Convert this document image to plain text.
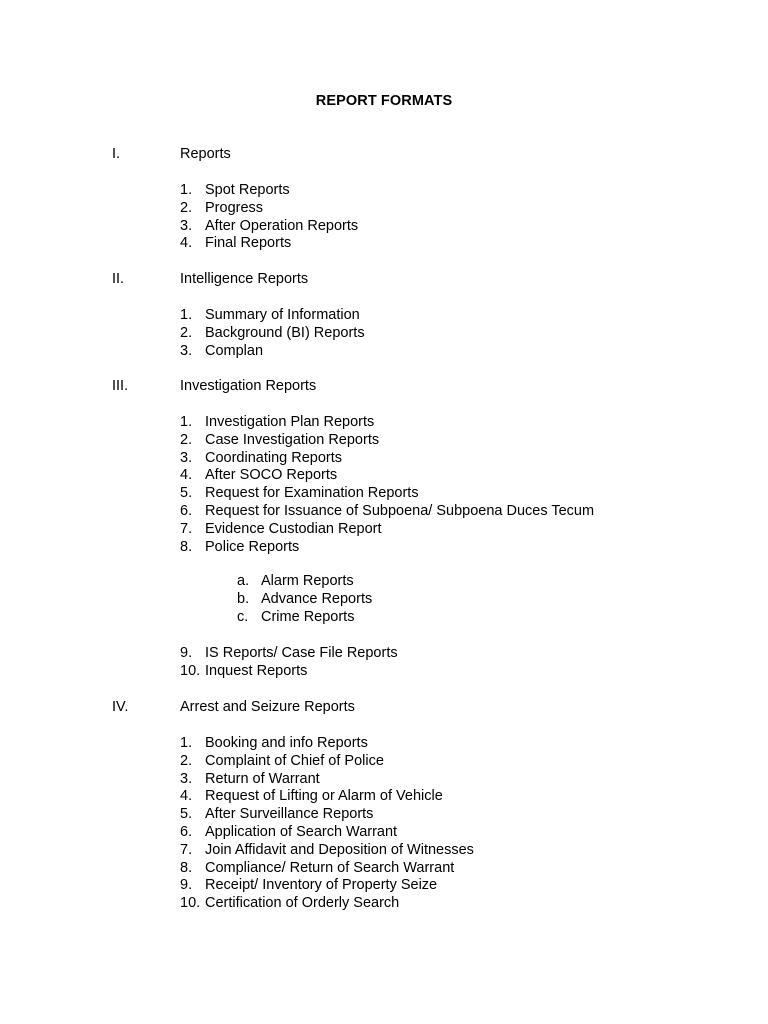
REPORT FORMATS
I.	Reports
1. Spot Reports
2. Progress
3. After Operation Reports
4. Final Reports
II.	Intelligence Reports
1. Summary of Information
2. Background (BI) Reports
3. Complan
III.	Investigation Reports
1. Investigation Plan Reports
2. Case Investigation Reports
3. Coordinating Reports
4. After SOCO Reports
5. Request for Examination Reports
6. Request for Issuance of Subpoena/ Subpoena Duces Tecum
7. Evidence Custodian Report
8. Police Reports
a. Alarm Reports
b. Advance Reports
c. Crime Reports
9. IS Reports/ Case File Reports
10. Inquest Reports
IV.	Arrest and Seizure Reports
1. Booking and info Reports
2. Complaint of Chief of Police
3. Return of Warrant
4. Request of Lifting or Alarm of Vehicle
5. After Surveillance Reports
6. Application of Search Warrant
7. Join Affidavit and Deposition of Witnesses
8. Compliance/ Return of Search Warrant
9. Receipt/ Inventory of Property Seize
10. Certification of Orderly Search
